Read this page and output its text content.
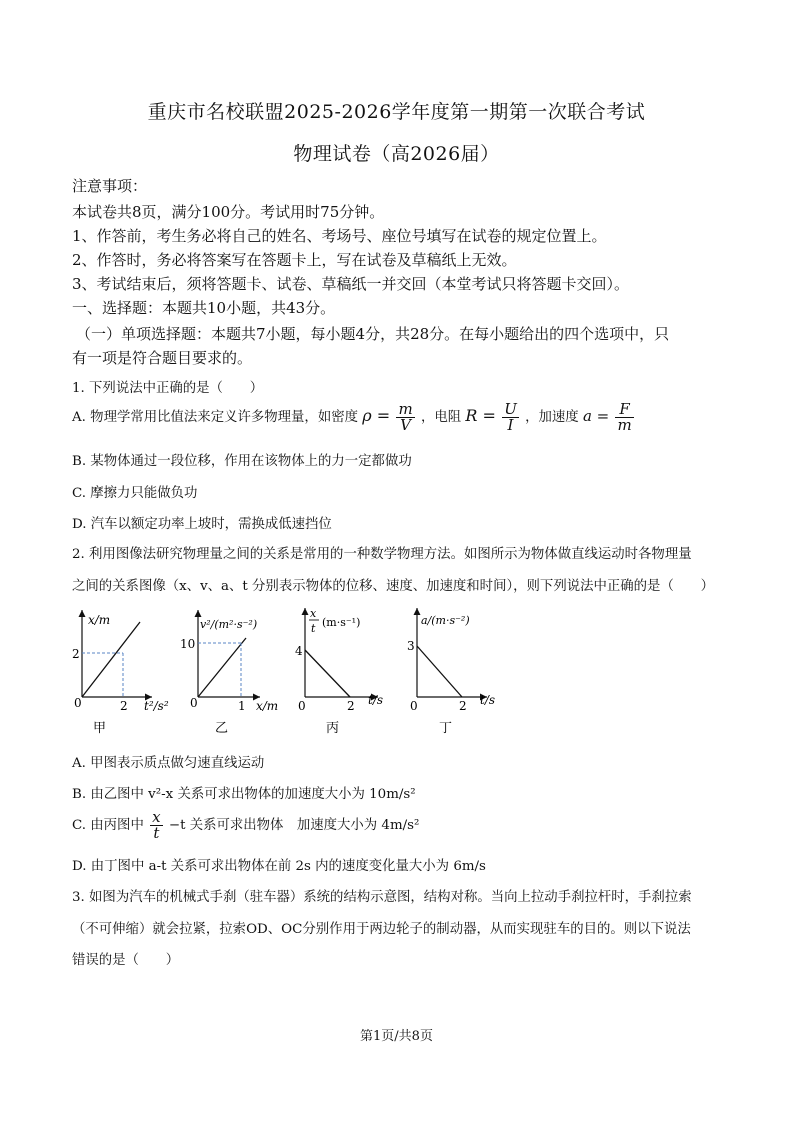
重庆市名校联盟2025-2026学年度第一期第一次联合考试
物理试卷（高2026届）
注意事项：
本试卷共8页，满分100分。考试用时75分钟。
1、作答前，考生务必将自己的姓名、考场号、座位号填写在试卷的规定位置上。
2、作答时，务必将答案写在答题卡上，写在试卷及草稿纸上无效。
3、考试结束后，须将答题卡、试卷、草稿纸一并交回（本堂考试只将答题卡交回）。
一、选择题：本题共10小题，共43分。
（一）单项选择题：本题共7小题，每小题4分，共28分。在每小题给出的四个选项中，只
有一项是符合题目要求的。
1. 下列说法中正确的是（　　）
A. 物理学常用比值法来定义许多物理量，如密度 $\rho = \frac{m}{V}$ ，电阻 $R = \frac{U}{I}$ ，加速度 $a = \frac{F}{m}$
B. 某物体通过一段位移，作用在该物体上的力一定都做功
C. 摩擦力只能做负功
D. 汽车以额定功率上坡时，需换成低速挡位
2. 利用图像法研究物理量之间的关系是常用的一种数学物理方法。如图所示为物体做直线运动时各物理量
之间的关系图像（x、v、a、t 分别表示物体的位移、速度、加速度和时间），则下列说法中正确的是（　　）
x/m
2
2
0	t²/s²
甲
v²/(m²·s⁻²)
10
1
0	x/m
乙
x
t (m·s⁻¹)
4
2
0	t/s
丙
a/(m·s⁻²)
3
2
0	t/s
丁
A. 甲图表示质点做匀速直线运动
B. 由乙图中 v²-x 关系可求出物体的加速度大小为 10m/s²
C. 由丙图中 $\frac{x}{t} -t$ 关系可求出物体　加速度大小为 4m/s²
D. 由丁图中 a-t 关系可求出物体在前 2s 内的速度变化量大小为 6m/s
3. 如图为汽车的机械式手刹（驻车器）系统的结构示意图，结构对称。当向上拉动手刹拉杆时，手刹拉索
（不可伸缩）就会拉紧，拉索OD、OC分别作用于两边轮子的制动器，从而实现驻车的目的。则以下说法
错误的是（　　）
第1页/共8页
